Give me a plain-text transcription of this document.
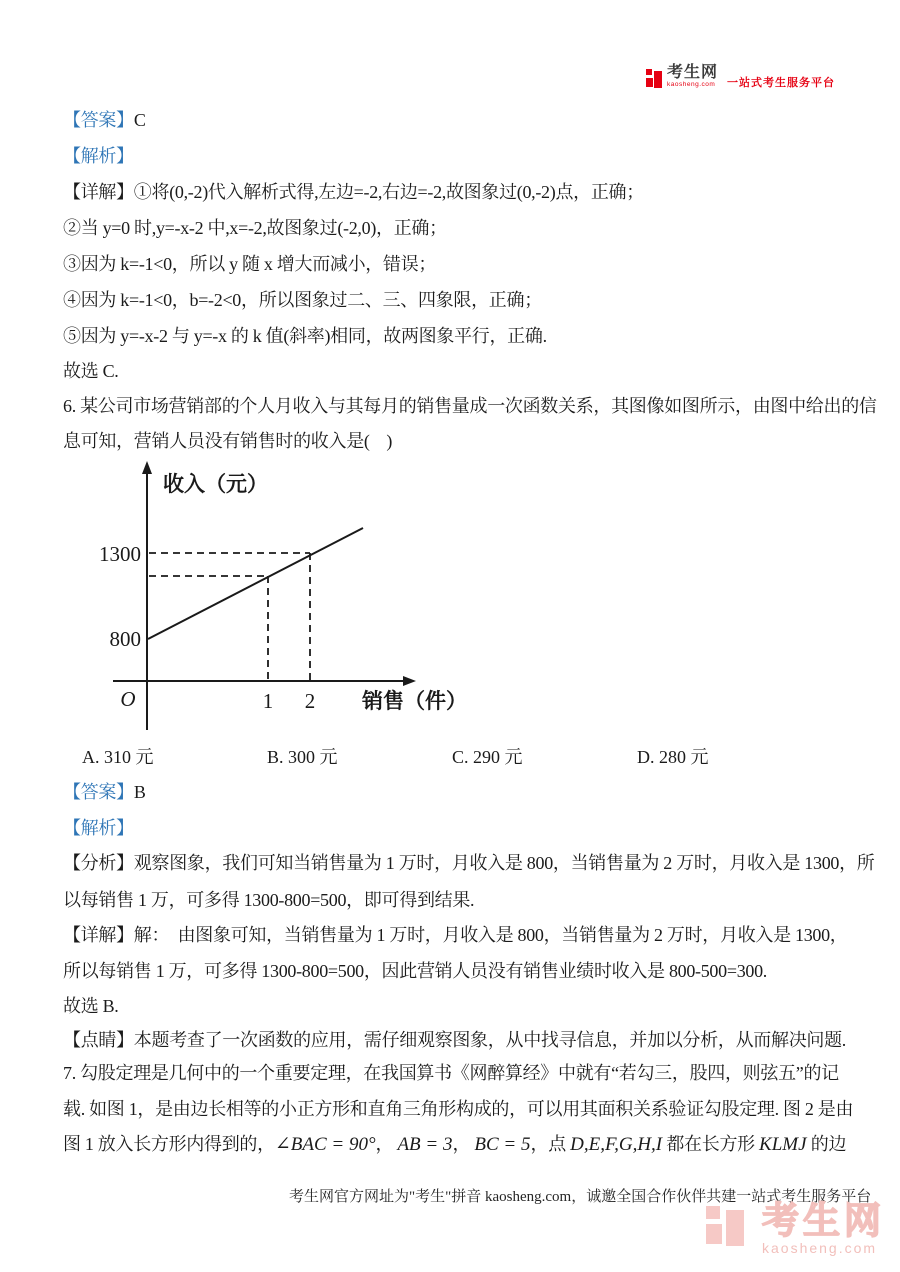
考生网
kaosheng.com 一站式考生服务平台
【答案】C
【解析】
【详解】①将(0,-2)代入解析式得,左边=-2,右边=-2,故图象过(0,-2)点，正确；
②当 y=0 时,y=-x-2 中,x=-2,故图象过(-2,0)，正确；
③因为 k=-1<0，所以 y 随 x 增大而减小，错误；
④因为 k=-1<0，b=-2<0，所以图象过二、三、四象限，正确；
⑤因为 y=-x-2 与 y=-x 的 k 值(斜率)相同，故两图象平行，正确.
故选 C.
6. 某公司市场营销部的个人月收入与其每月的销售量成一次函数关系，其图像如图所示，由图中给出的信
息可知，营销人员没有销售时的收入是(    )
收入（元）
1300
800
O	1 2 销售（件）
A. 310 元	B. 300 元	C. 290 元	D. 280 元
【答案】B
【解析】
【分析】观察图象，我们可知当销售量为 1 万时，月收入是 800，当销售量为 2 万时，月收入是 1300，所
以每销售 1 万，可多得 1300-800=500，即可得到结果.
【详解】解：  由图象可知，当销售量为 1 万时，月收入是 800，当销售量为 2 万时，月收入是 1300，
所以每销售 1 万，可多得 1300-800=500，因此营销人员没有销售业绩时收入是 800-500=300.
故选 B.
【点睛】本题考查了一次函数的应用，需仔细观察图象，从中找寻信息，并加以分析，从而解决问题.
7. 勾股定理是几何中的一个重要定理，在我国算书《网醉算经》中就有“若勾三，股四，则弦五”的记
载. 如图 1，是由边长相等的小正方形和直角三角形构成的，可以用其面积关系验证勾股定理. 图 2 是由
图 1 放入长方形内得到的，∠BAC = 90°， AB = 3， BC = 5，点 D,E,F,G,H,I 都在长方形 KLMJ 的边
考生网官方网址为"考生"拼音 kaosheng.com，诚邀全国合作伙伴共建一站式考生服务平台
考生网
kaosheng.com
